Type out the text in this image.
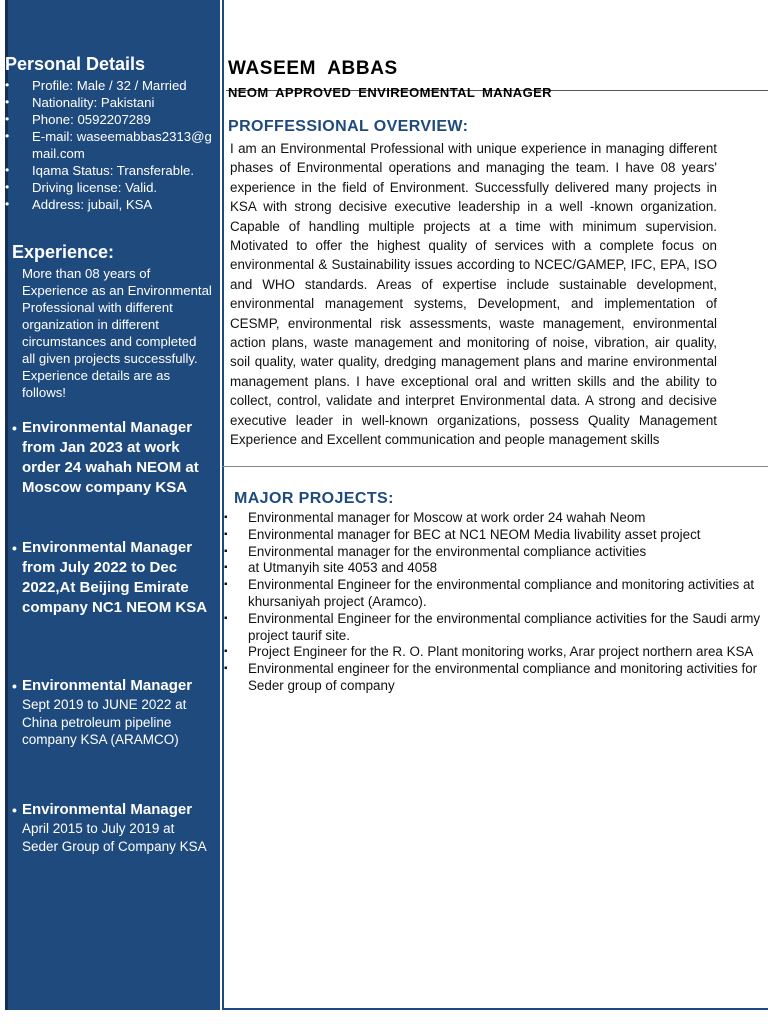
Personal Details
• Profile: Male / 32 / Married
• Nationality: Pakistani
• Phone: 0592207289
• E-mail: waseemabbas2313@gmail.com
• Iqama Status: Transferable.
• Driving license: Valid.
• Address: jubail, KSA
Experience:

More than 08 years of Experience as an Environmental Professional with different organization in different circumstances and completed all given projects successfully. Experience details are as follows!

• Environmental Manager from Jan 2023 at work order 24 wahah NEOM at Moscow company KSA
• Environmental Manager from July 2022 to Dec 2022,At Beijing Emirate company NC1 NEOM KSA
• Environmental Manager
Sept 2019 to JUNE 2022 at China petroleum pipeline company KSA (ARAMCO)
• Environmental Manager
April 2015 to July 2019 at Seder Group of Company KSA
WASEEM ABBAS
NEOM APPROVED ENVIREOMENTAL MANAGER
PROFFESSIONAL OVERVIEW:

I am an Environmental Professional with unique experience in managing different phases of Environmental operations and managing the team. I have 08 years' experience in the field of Environment. Successfully delivered many projects in KSA with strong decisive executive leadership in a well -known organization. Capable of handling multiple projects at a time with minimum supervision. Motivated to offer the highest quality of services with a complete focus on environmental & Sustainability issues according to NCEC/GAMEP, IFC, EPA, ISO and WHO standards. Areas of expertise include sustainable development, environmental management systems, Development, and implementation of CESMP, environmental risk assessments, waste management, environmental action plans, waste management and monitoring of noise, vibration, air quality, soil quality, water quality, dredging management plans and marine environmental management plans. I have exceptional oral and written skills and the ability to collect, control, validate and interpret Environmental data. A strong and decisive executive leader in well-known organizations, possess Quality Management Experience and Excellent communication and people management skills

MAJOR PROJECTS:
▪ Environmental manager for Moscow at work order 24 wahah Neom
▪ Environmental manager for BEC at NC1 NEOM Media livability asset project
▪ Environmental manager for the environmental compliance activities
▪ at Utmanyih site 4053 and 4058
▪ Environmental Engineer for the environmental compliance and monitoring activities at khursaniyah project (Aramco).
▪ Environmental Engineer for the environmental compliance activities for the Saudi army project taurif site.
▪ Project Engineer for the R. O. Plant monitoring works, Arar project northern area KSA
▪ Environmental engineer for the environmental compliance and monitoring activities for Seder group of company
